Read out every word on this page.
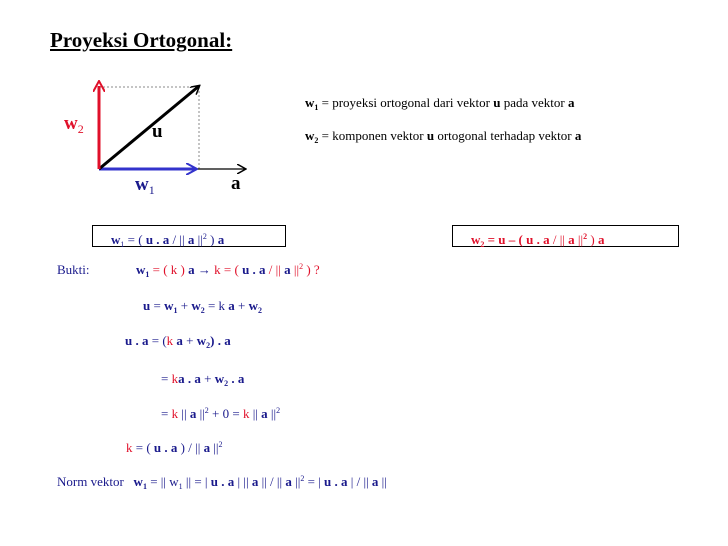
Proyeksi Ortogonal:
$w_2$	u
$w_1$	a
$w_1$ = proyeksi ortogonal dari vektor u pada vektor a
$w_2$ = komponen vektor u ortogonal terhadap vektor a
$w_1$ = ( u . a / || a $||^2$ ) a	$w_2 = u$ – ( u . a / || a $||^2$ ) a
Bukti:	$w_1$ = ( k ) a → k = ( u . a / || a $||^2$ ) ?
$u = w_1 + w_2 = k$ $a + w_2$
u . a = (k $a + w_2$) . a
= ka . $a + w_2$ . a
= k || a $||^2 + 0 = k$ || a $||^2$
k = ( u . a ) / || a $||^2$
Norm vektor $w_1$ = || $w_1$ || = | u . a | || a || / || a $||^2$ = | u . a | / || a ||
